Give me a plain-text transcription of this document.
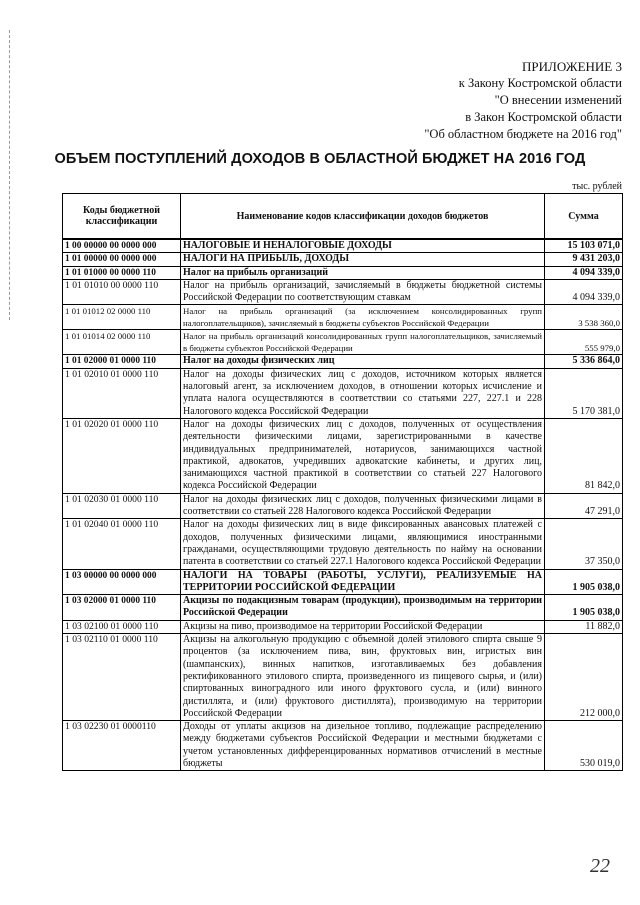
ПРИЛОЖЕНИЕ 3
к Закону Костромской области
"О внесении изменений
в Закон Костромской области
"Об областном бюджете на 2016 год"
ОБЪЕМ ПОСТУПЛЕНИЙ ДОХОДОВ В ОБЛАСТНОЙ БЮДЖЕТ НА 2016 ГОД
тыс. рублей
Коды бюджетной классификации	Наименование кодов классификации доходов бюджетов	Сумма
1 00 00000 00 0000 000	НАЛОГОВЫЕ И НЕНАЛОГОВЫЕ ДОХОДЫ	15 103 071,0
1 01 00000 00 0000 000	НАЛОГИ НА ПРИБЫЛЬ, ДОХОДЫ	9 431 203,0
1 01 01000 00 0000 110	Налог на прибыль организаций	4 094 339,0
1 01 01010 00 0000 110	Налог на прибыль организаций, зачисляемый в бюджеты бюджетной системы Российской Федерации по соответствующим ставкам	4 094 339,0
1 01 01012 02 0000 110	Налог на прибыль организаций (за исключением консолидированных групп налогоплательщиков), зачисляемый в бюджеты субъектов Российской Федерации	3 538 360,0
1 01 01014 02 0000 110	Налог на прибыль организаций консолидированных групп налогоплательщиков, зачисляемый в бюджеты субъектов Российской Федерации	555 979,0
1 01 02000 01 0000 110	Налог на доходы физических лиц	5 336 864,0
1 01 02010 01 0000 110	Налог на доходы физических лиц с доходов, источником которых является налоговый агент, за исключением доходов, в отношении которых исчисление и уплата налога осуществляются в соответствии со статьями 227, 227.1 и 228 Налогового кодекса Российской Федерации	5 170 381,0
1 01 02020 01 0000 110	Налог на доходы физических лиц с доходов, полученных от осуществления деятельности физическими лицами, зарегистрированными в качестве индивидуальных предпринимателей, нотариусов, занимающихся частной практикой, адвокатов, учредивших адвокатские кабинеты, и других лиц, занимающихся частной практикой в соответствии со статьей 227 Налогового кодекса Российской Федерации	81 842,0
1 01 02030 01 0000 110	Налог на доходы физических лиц с доходов, полученных физическими лицами в соответствии со статьей 228 Налогового кодекса Российской Федерации	47 291,0
1 01 02040 01 0000 110	Налог на доходы физических лиц в виде фиксированных авансовых платежей с доходов, полученных физическими лицами, являющимися иностранными гражданами, осуществляющими трудовую деятельность по найму на основании патента в соответствии со статьей 227.1 Налогового кодекса Российской Федерации	37 350,0
1 03 00000 00 0000 000	НАЛОГИ НА ТОВАРЫ (РАБОТЫ, УСЛУГИ), РЕАЛИЗУЕМЫЕ НА ТЕРРИТОРИИ РОССИЙСКОЙ ФЕДЕРАЦИИ	1 905 038,0
1 03 02000 01 0000 110	Акцизы по подакцизным товарам (продукции), производимым на территории Российской Федерации	1 905 038,0
1 03 02100 01 0000 110	Акцизы на пиво, производимое на территории Российской Федерации	11 882,0
1 03 02110 01 0000 110	Акцизы на алкогольную продукцию с объемной долей этилового спирта свыше 9 процентов (за исключением пива, вин, фруктовых вин, игристых вин (шампанских), винных напитков, изготавливаемых без добавления ректификованного этилового спирта, произведенного из пищевого сырья, и (или) спиртованных виноградного или иного фруктового сусла, и (или) винного дистиллята, и (или) фруктового дистиллята), производимую на территории Российской Федерации	212 000,0
1 03 02230 01 0000110	Доходы от уплаты акцизов на дизельное топливо, подлежащие распределению между бюджетами субъектов Российской Федерации и местными бюджетами с учетом установленных дифференцированных нормативов отчислений в местные бюджеты	530 019,0
22
